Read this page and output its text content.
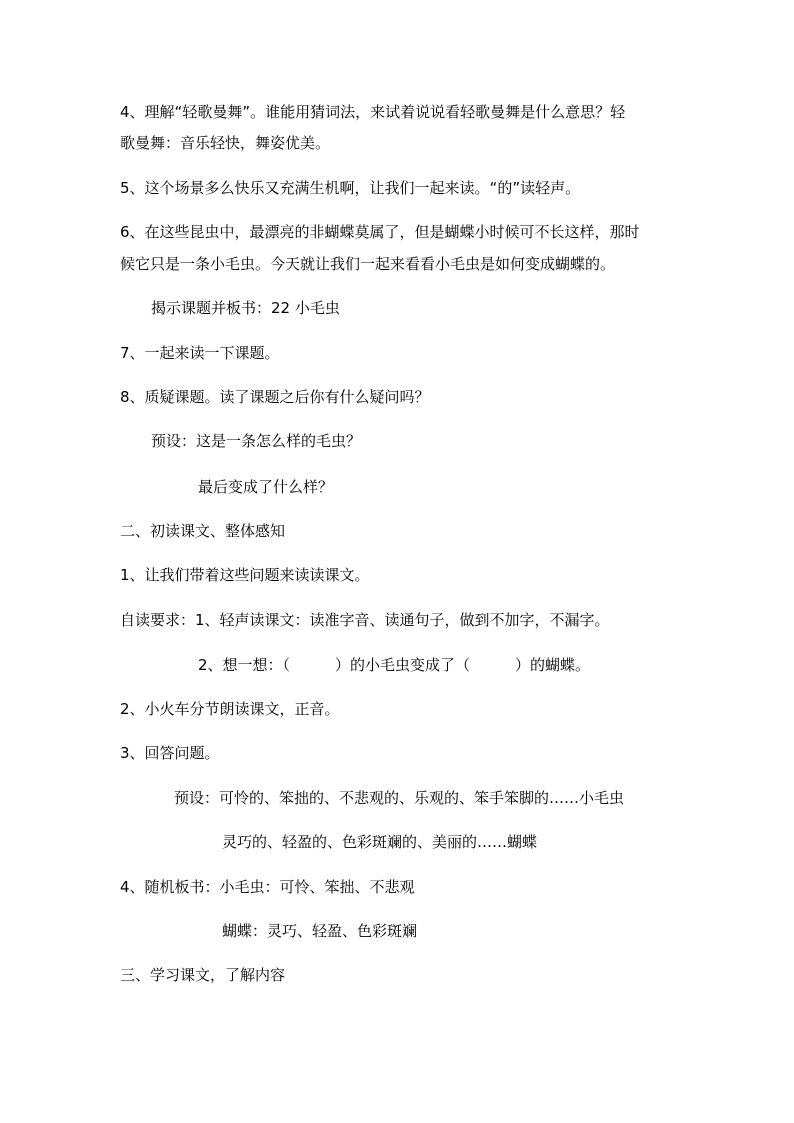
4、理解“轻歌曼舞”。谁能用猜词法，来试着说说看轻歌曼舞是什么意思？轻
歌曼舞：音乐轻快，舞姿优美。
5、这个场景多么快乐又充满生机啊，让我们一起来读。“的”读轻声。
6、在这些昆虫中，最漂亮的非蝴蝶莫属了，但是蝴蝶小时候可不长这样，那时
候它只是一条小毛虫。今天就让我们一起来看看小毛虫是如何变成蝴蝶的。
揭示课题并板书：22 小毛虫
7、一起来读一下课题。
8、质疑课题。读了课题之后你有什么疑问吗？
预设：这是一条怎么样的毛虫？
最后变成了什么样？
二、初读课文、整体感知
1、让我们带着这些问题来读读课文。
自读要求：1、轻声读课文：读准字音、读通句子，做到不加字，不漏字。
2、想一想：（　　　）的小毛虫变成了（　　　）的蝴蝶。
2、小火车分节朗读课文，正音。
3、回答问题。
预设：可怜的、笨拙的、不悲观的、乐观的、笨手笨脚的……小毛虫
灵巧的、轻盈的、色彩斑斓的、美丽的……蝴蝶
4、随机板书：小毛虫：可怜、笨拙、不悲观
蝴蝶：灵巧、轻盈、色彩斑斓
三、学习课文，了解内容
